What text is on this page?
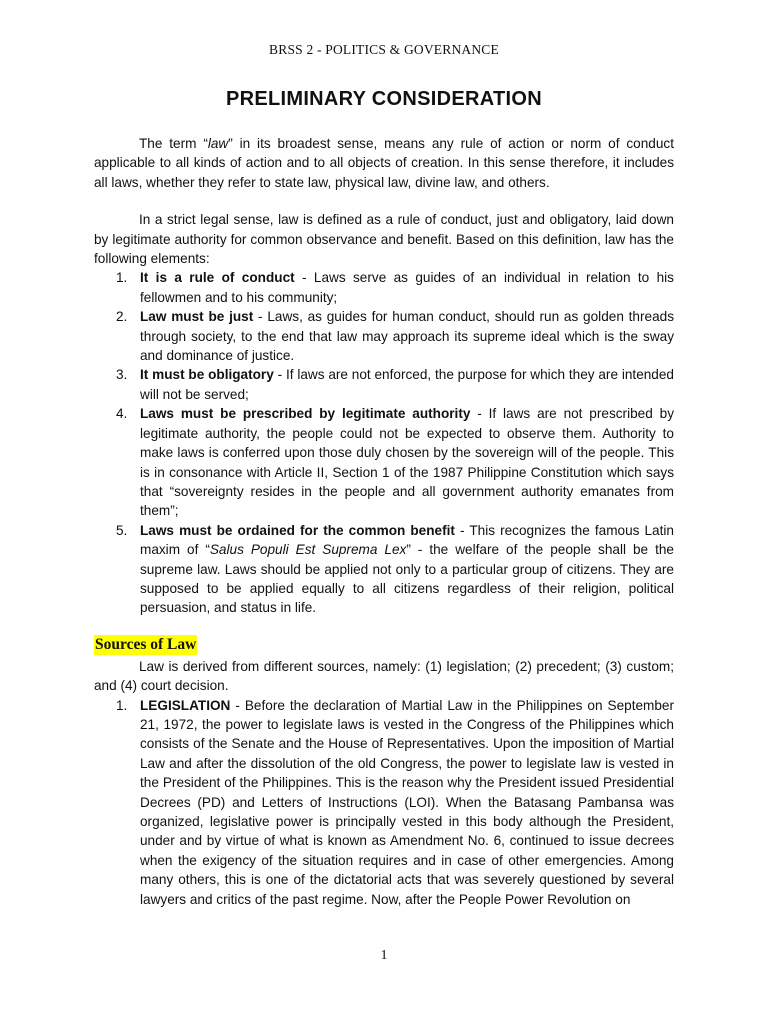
BRSS 2 - POLITICS & GOVERNANCE
PRELIMINARY CONSIDERATION

The term “law” in its broadest sense, means any rule of action or norm of conduct applicable to all kinds of action and to all objects of creation. In this sense therefore, it includes all laws, whether they refer to state law, physical law, divine law, and others.

In a strict legal sense, law is defined as a rule of conduct, just and obligatory, laid down by legitimate authority for common observance and benefit. Based on this definition, law has the following elements:

1. It is a rule of conduct - Laws serve as guides of an individual in relation to his fellowmen and to his community;
2. Law must be just - Laws, as guides for human conduct, should run as golden threads through society, to the end that law may approach its supreme ideal which is the sway and dominance of justice.
3. It must be obligatory - If laws are not enforced, the purpose for which they are intended will not be served;
4. Laws must be prescribed by legitimate authority - If laws are not prescribed by legitimate authority, the people could not be expected to observe them. Authority to make laws is conferred upon those duly chosen by the sovereign will of the people. This is in consonance with Article II, Section 1 of the 1987 Philippine Constitution which says that “sovereignty resides in the people and all government authority emanates from them”;
5. Laws must be ordained for the common benefit - This recognizes the famous Latin maxim of “Salus Populi Est Suprema Lex” - the welfare of the people shall be the supreme law. Laws should be applied not only to a particular group of citizens. They are supposed to be applied equally to all citizens regardless of their religion, political persuasion, and status in life.
Sources of Law

Law is derived from different sources, namely: (1) legislation; (2) precedent; (3) custom; and (4) court decision.

1. LEGISLATION - Before the declaration of Martial Law in the Philippines on September 21, 1972, the power to legislate laws is vested in the Congress of the Philippines which consists of the Senate and the House of Representatives. Upon the imposition of Martial Law and after the dissolution of the old Congress, the power to legislate law is vested in the President of the Philippines. This is the reason why the President issued Presidential Decrees (PD) and Letters of Instructions (LOI). When the Batasang Pambansa was organized, legislative power is principally vested in this body although the President, under and by virtue of what is known as Amendment No. 6, continued to issue decrees when the exigency of the situation requires and in case of other emergencies. Among many others, this is one of the dictatorial acts that was severely questioned by several lawyers and critics of the past regime. Now, after the People Power Revolution on
1
